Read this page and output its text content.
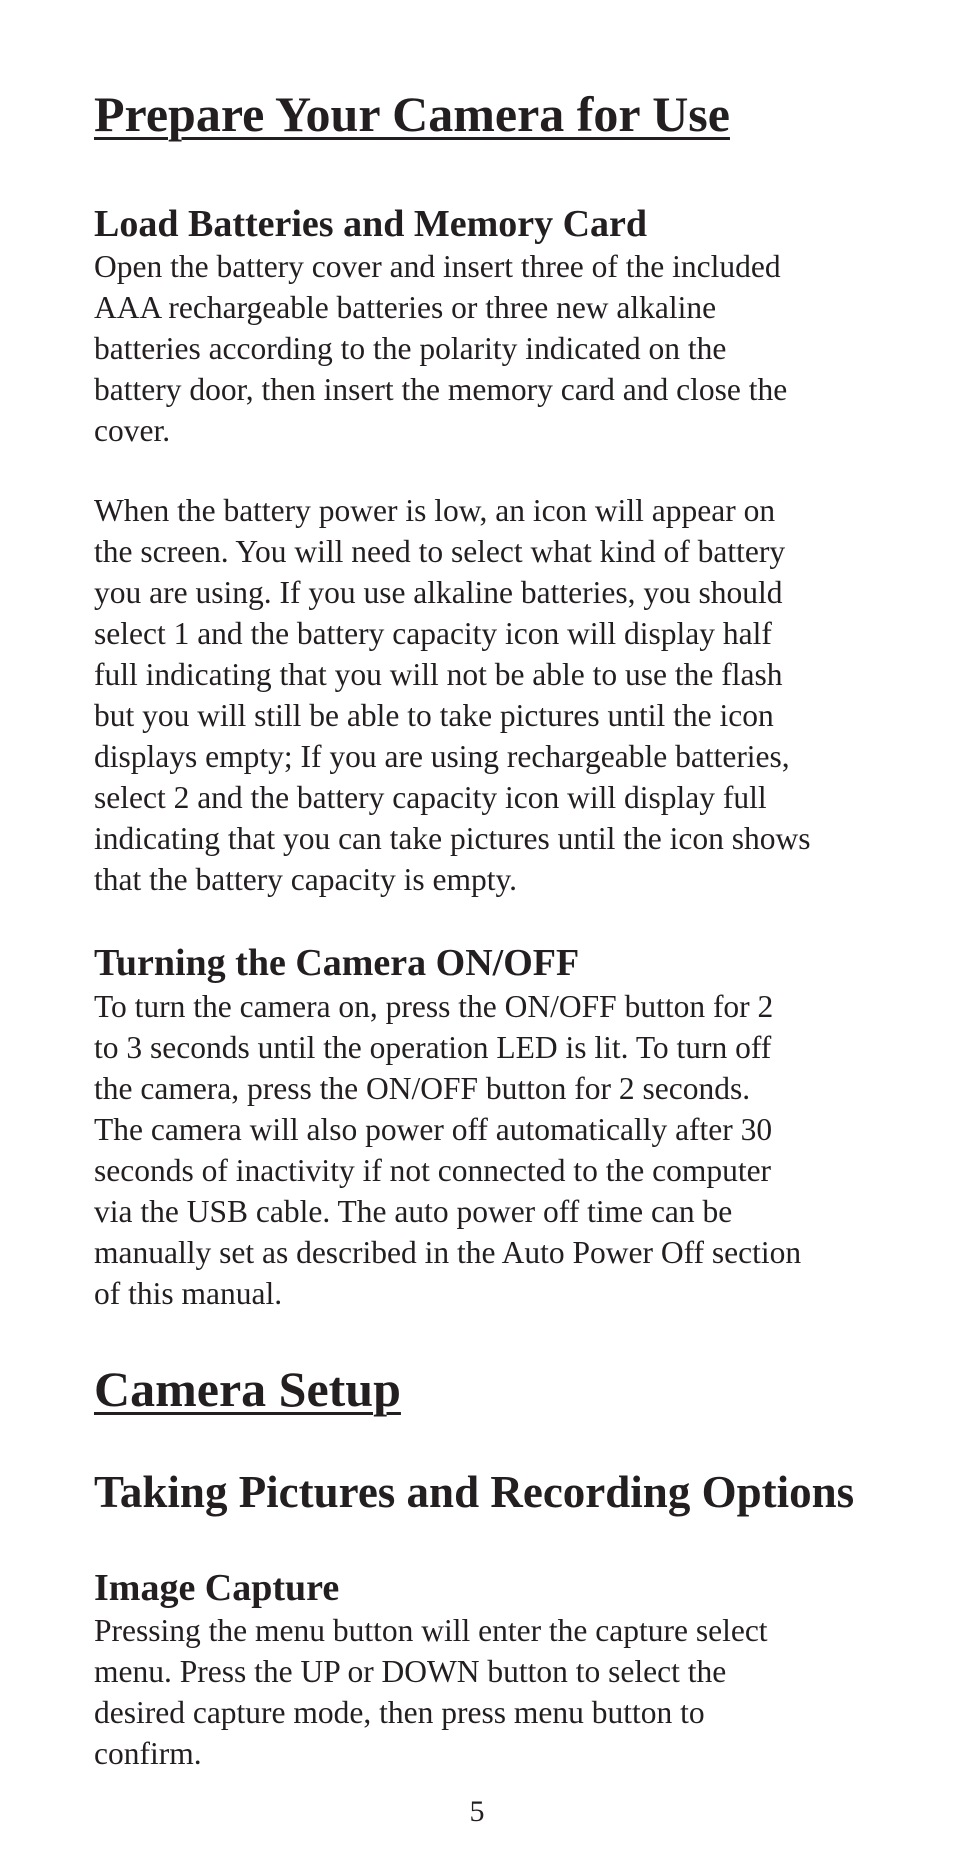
Prepare Your Camera for Use
Load Batteries and Memory Card

Open the battery cover and insert three of the included
AAA rechargeable batteries or three new alkaline
batteries according to the polarity indicated on the
battery door, then insert the memory card and close the
cover.

When the battery power is low, an icon will appear on
the screen. You will need to select what kind of battery
you are using. If you use alkaline batteries, you should
select 1 and the battery capacity icon will display half
full indicating that you will not be able to use the flash
but you will still be able to take pictures until the icon
displays empty; If you are using rechargeable batteries,
select 2 and the battery capacity icon will display full
indicating that you can take pictures until the icon shows
that the battery capacity is empty.

Turning the Camera ON/OFF

To turn the camera on, press the ON/OFF button for 2
to 3 seconds until the operation LED is lit. To turn off
the camera, press the ON/OFF button for 2 seconds.
The camera will also power off automatically after 30
seconds of inactivity if not connected to the computer
via the USB cable. The auto power off time can be
manually set as described in the Auto Power Off section
of this manual.

Camera Setup
Taking Pictures and Recording Options
Image Capture

Pressing the menu button will enter the capture select
menu. Press the UP or DOWN button to select the
desired capture mode, then press menu button to
confirm.

5
